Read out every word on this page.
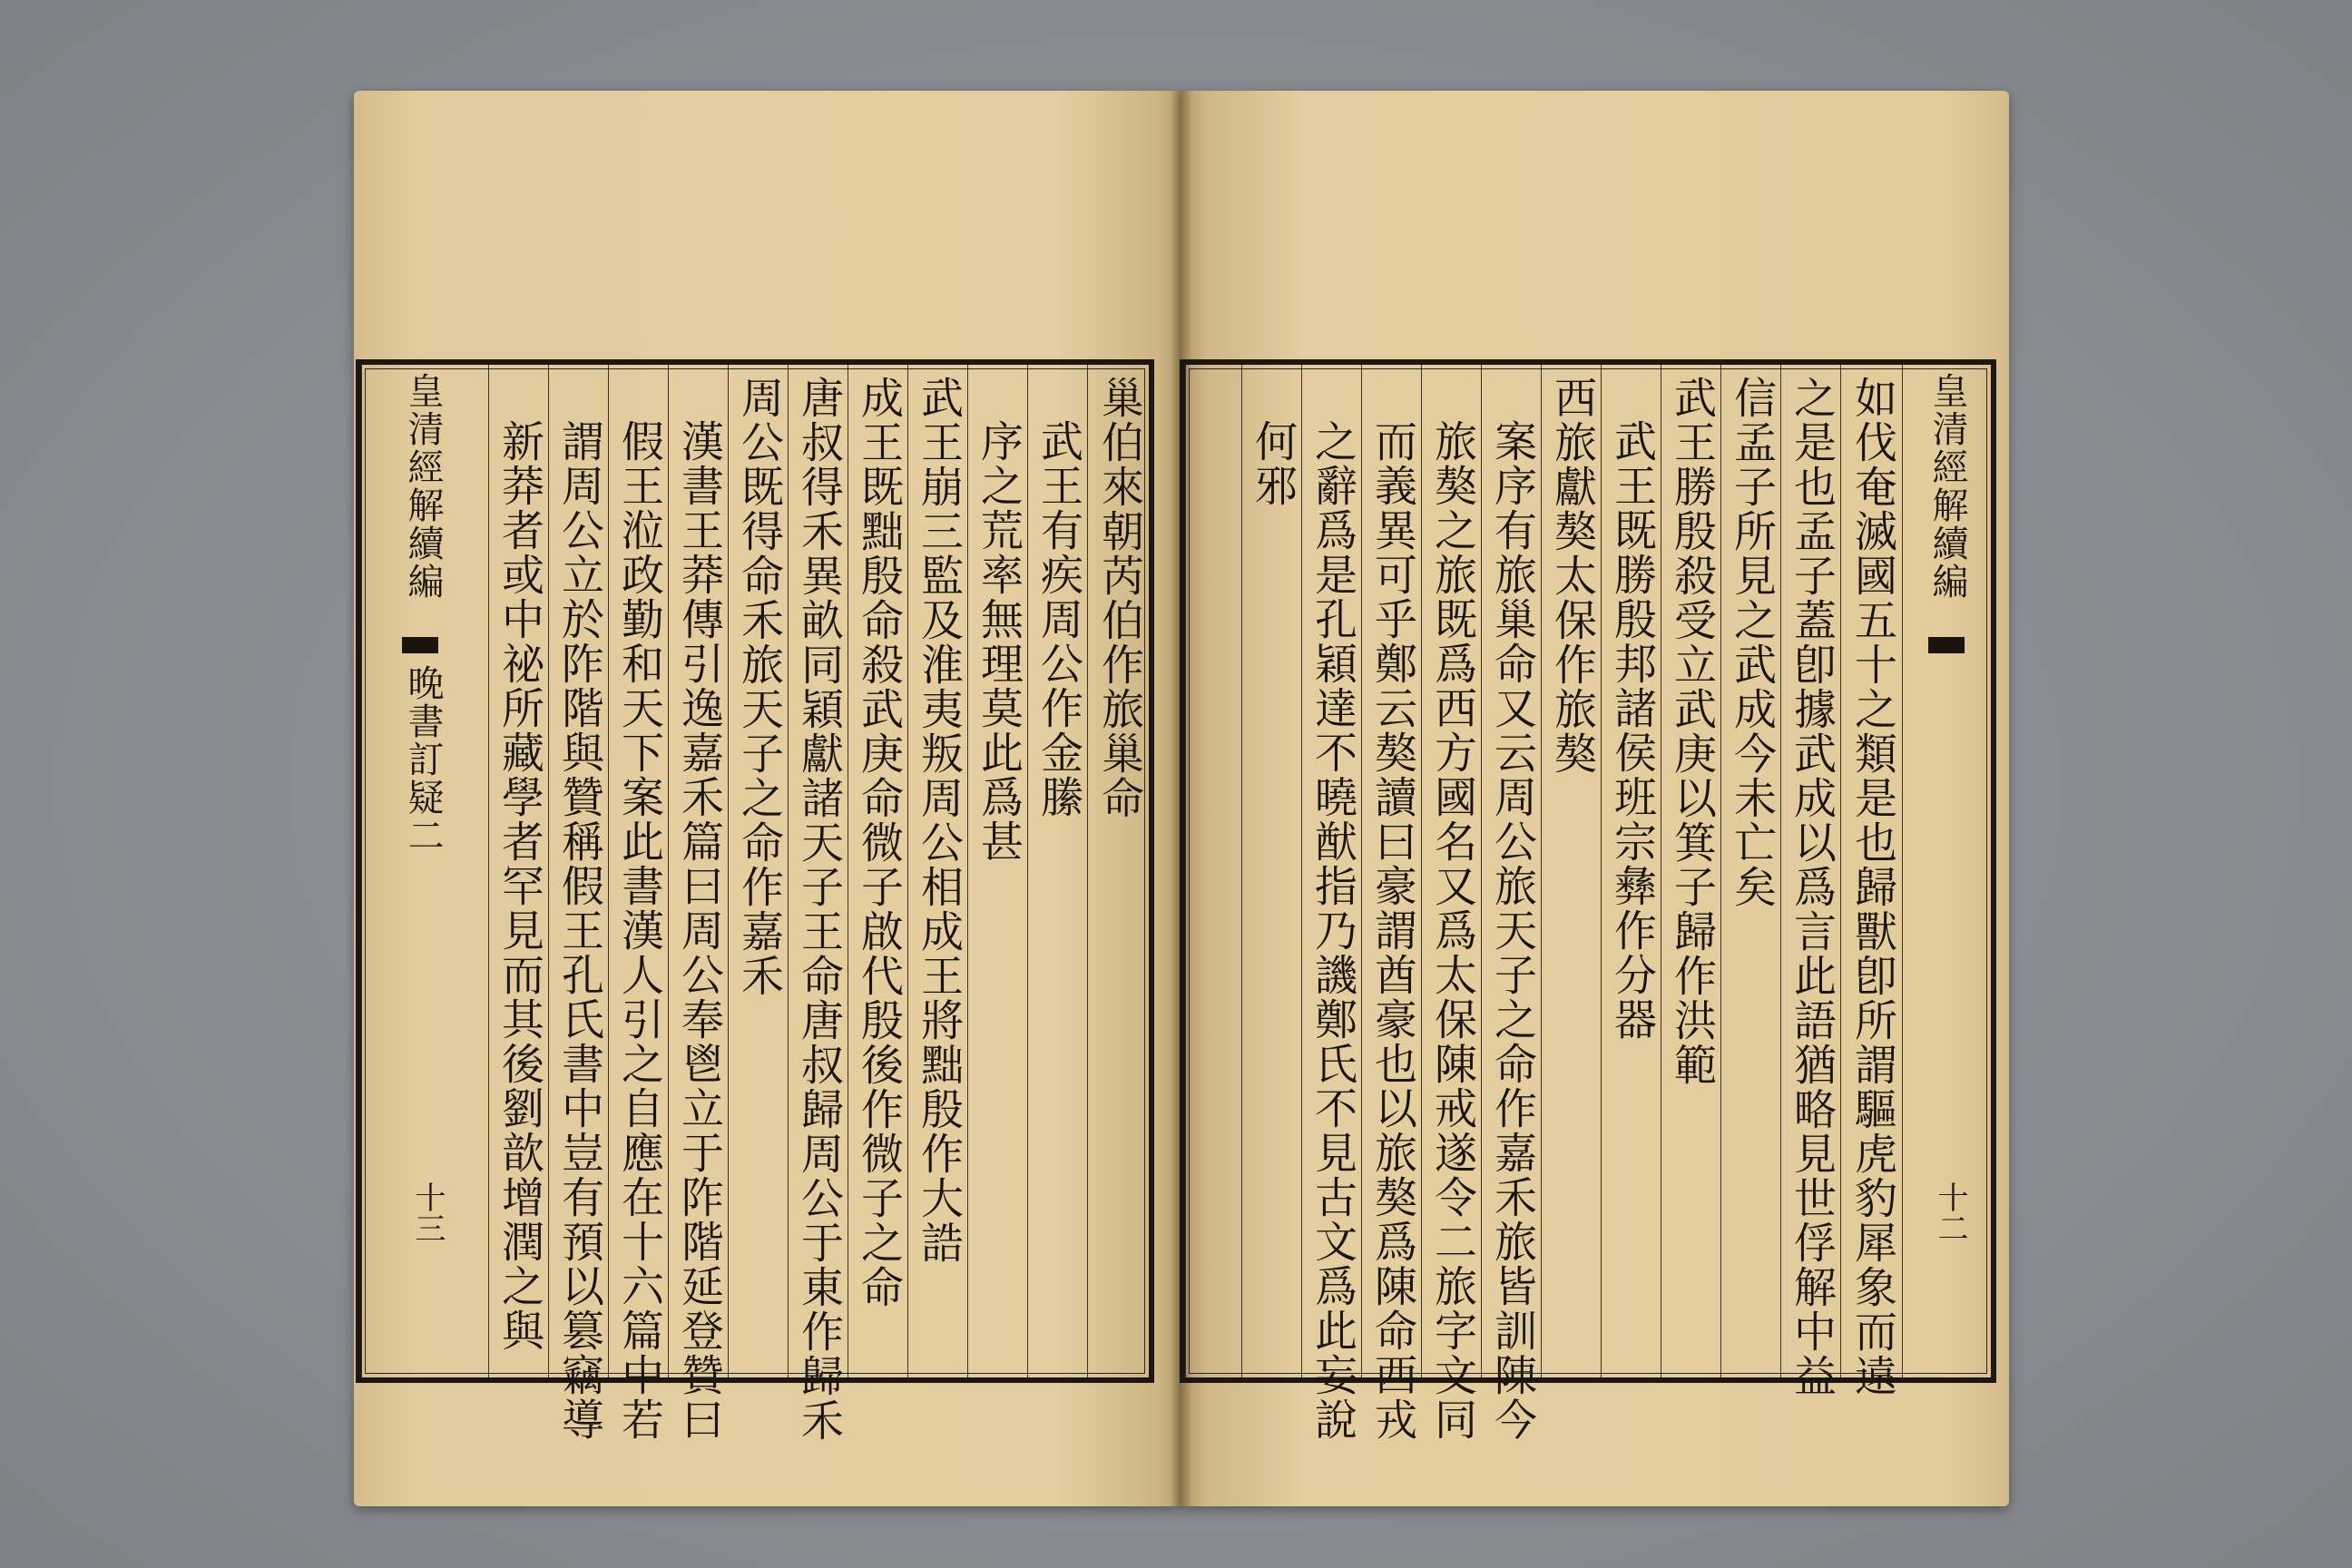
巢伯來朝芮伯作旅巢命
武王有疾周公作金縢
序之荒率無理莫此爲甚
武王崩三監及淮夷叛周公相成王將黜殷作大誥
成王既黜殷命殺武庚命微子啟代殷後作微子之命
唐叔得禾異畝同穎獻諸天子王命唐叔歸周公于東作歸禾
周公既得命禾旅天子之命作嘉禾
漢書王莽傳引逸嘉禾篇曰周公奉鬯立于阼階延登贊曰
假王涖政勤和天下案此書漢人引之自應在十六篇中若
謂周公立於阼階與贊稱假王孔氏書中豈有預以篡竊導
新莽者或中祕所藏學者罕見而其後劉歆增潤之與
皇清經解續編
晚書訂疑二
十三
皇清經解續編
十二
如伐奄滅國五十之類是也歸獸卽所謂驅虎豹犀象而遠
之是也孟子蓋卽據武成以爲言此語猶略見世俘解中益
信孟子所見之武成今未亡矣
武王勝殷殺受立武庚以箕子歸作洪範
武王既勝殷邦諸侯班宗彝作分器
西旅獻獒太保作旅獒
案序有旅巢命又云周公旅天子之命作嘉禾旅皆訓陳今
旅獒之旅既爲西方國名又爲太保陳戒遂令二旅字文同
而義異可乎鄭云獒讀曰豪謂酋豪也以旅獒爲陳命西戎
之辭爲是孔穎達不曉猷指乃譏鄭氏不見古文爲此妄說
何邪
